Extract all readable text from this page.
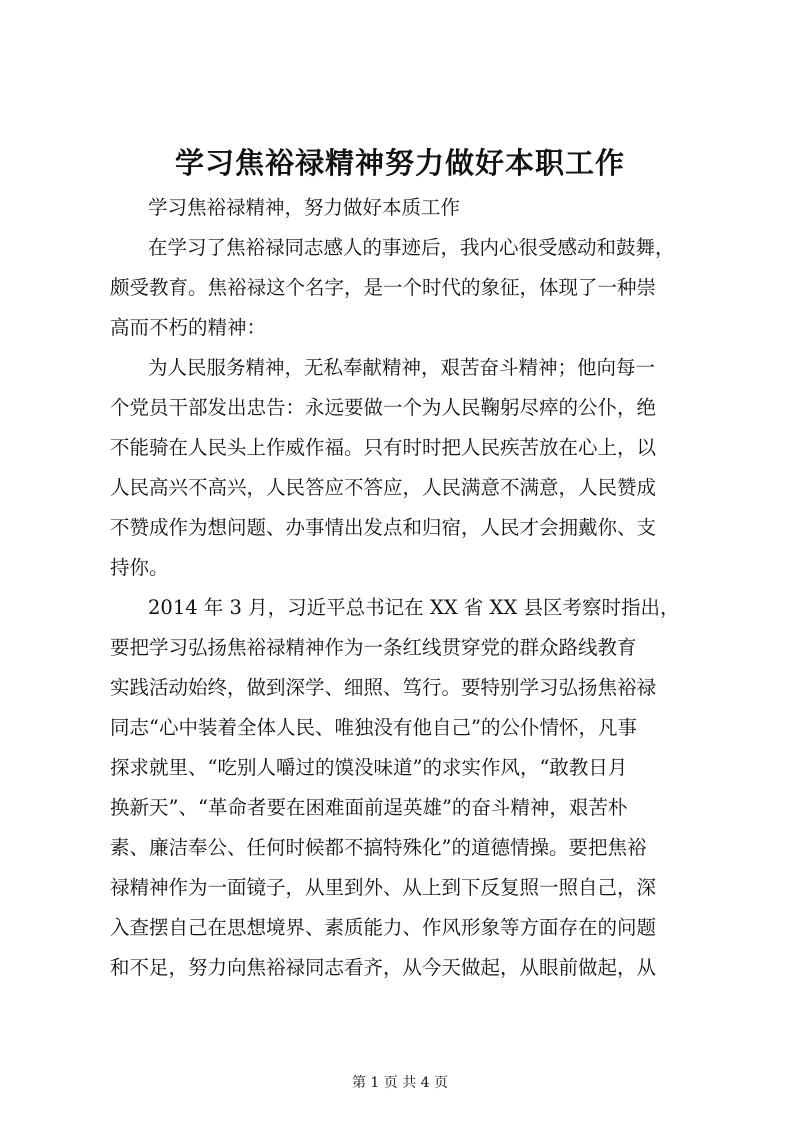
学习焦裕禄精神努力做好本职工作
学习焦裕禄精神，努力做好本质工作
在学习了焦裕禄同志感人的事迹后，我内心很受感动和鼓舞，
颇受教育。焦裕禄这个名字，是一个时代的象征，体现了一种崇
高而不朽的精神：
为人民服务精神，无私奉献精神，艰苦奋斗精神；他向每一
个党员干部发出忠告：永远要做一个为人民鞠躬尽瘁的公仆，绝
不能骑在人民头上作威作福。只有时时把人民疾苦放在心上，以
人民高兴不高兴，人民答应不答应，人民满意不满意，人民赞成
不赞成作为想问题、办事情出发点和归宿，人民才会拥戴你、支
持你。
2014 年 3 月，习近平总书记在 XX 省 XX 县区考察时指出，
要把学习弘扬焦裕禄精神作为一条红线贯穿党的群众路线教育
实践活动始终，做到深学、细照、笃行。要特别学习弘扬焦裕禄
同志“心中装着全体人民、唯独没有他自己”的公仆情怀，凡事
探求就里、“吃别人嚼过的馍没味道”的求实作风，“敢教日月
换新天”、“革命者要在困难面前逞英雄”的奋斗精神，艰苦朴
素、廉洁奉公、任何时候都不搞特殊化”的道德情操。要把焦裕
禄精神作为一面镜子，从里到外、从上到下反复照一照自己，深
入查摆自己在思想境界、素质能力、作风形象等方面存在的问题
和不足，努力向焦裕禄同志看齐，从今天做起，从眼前做起，从
第 1 页 共 4 页
